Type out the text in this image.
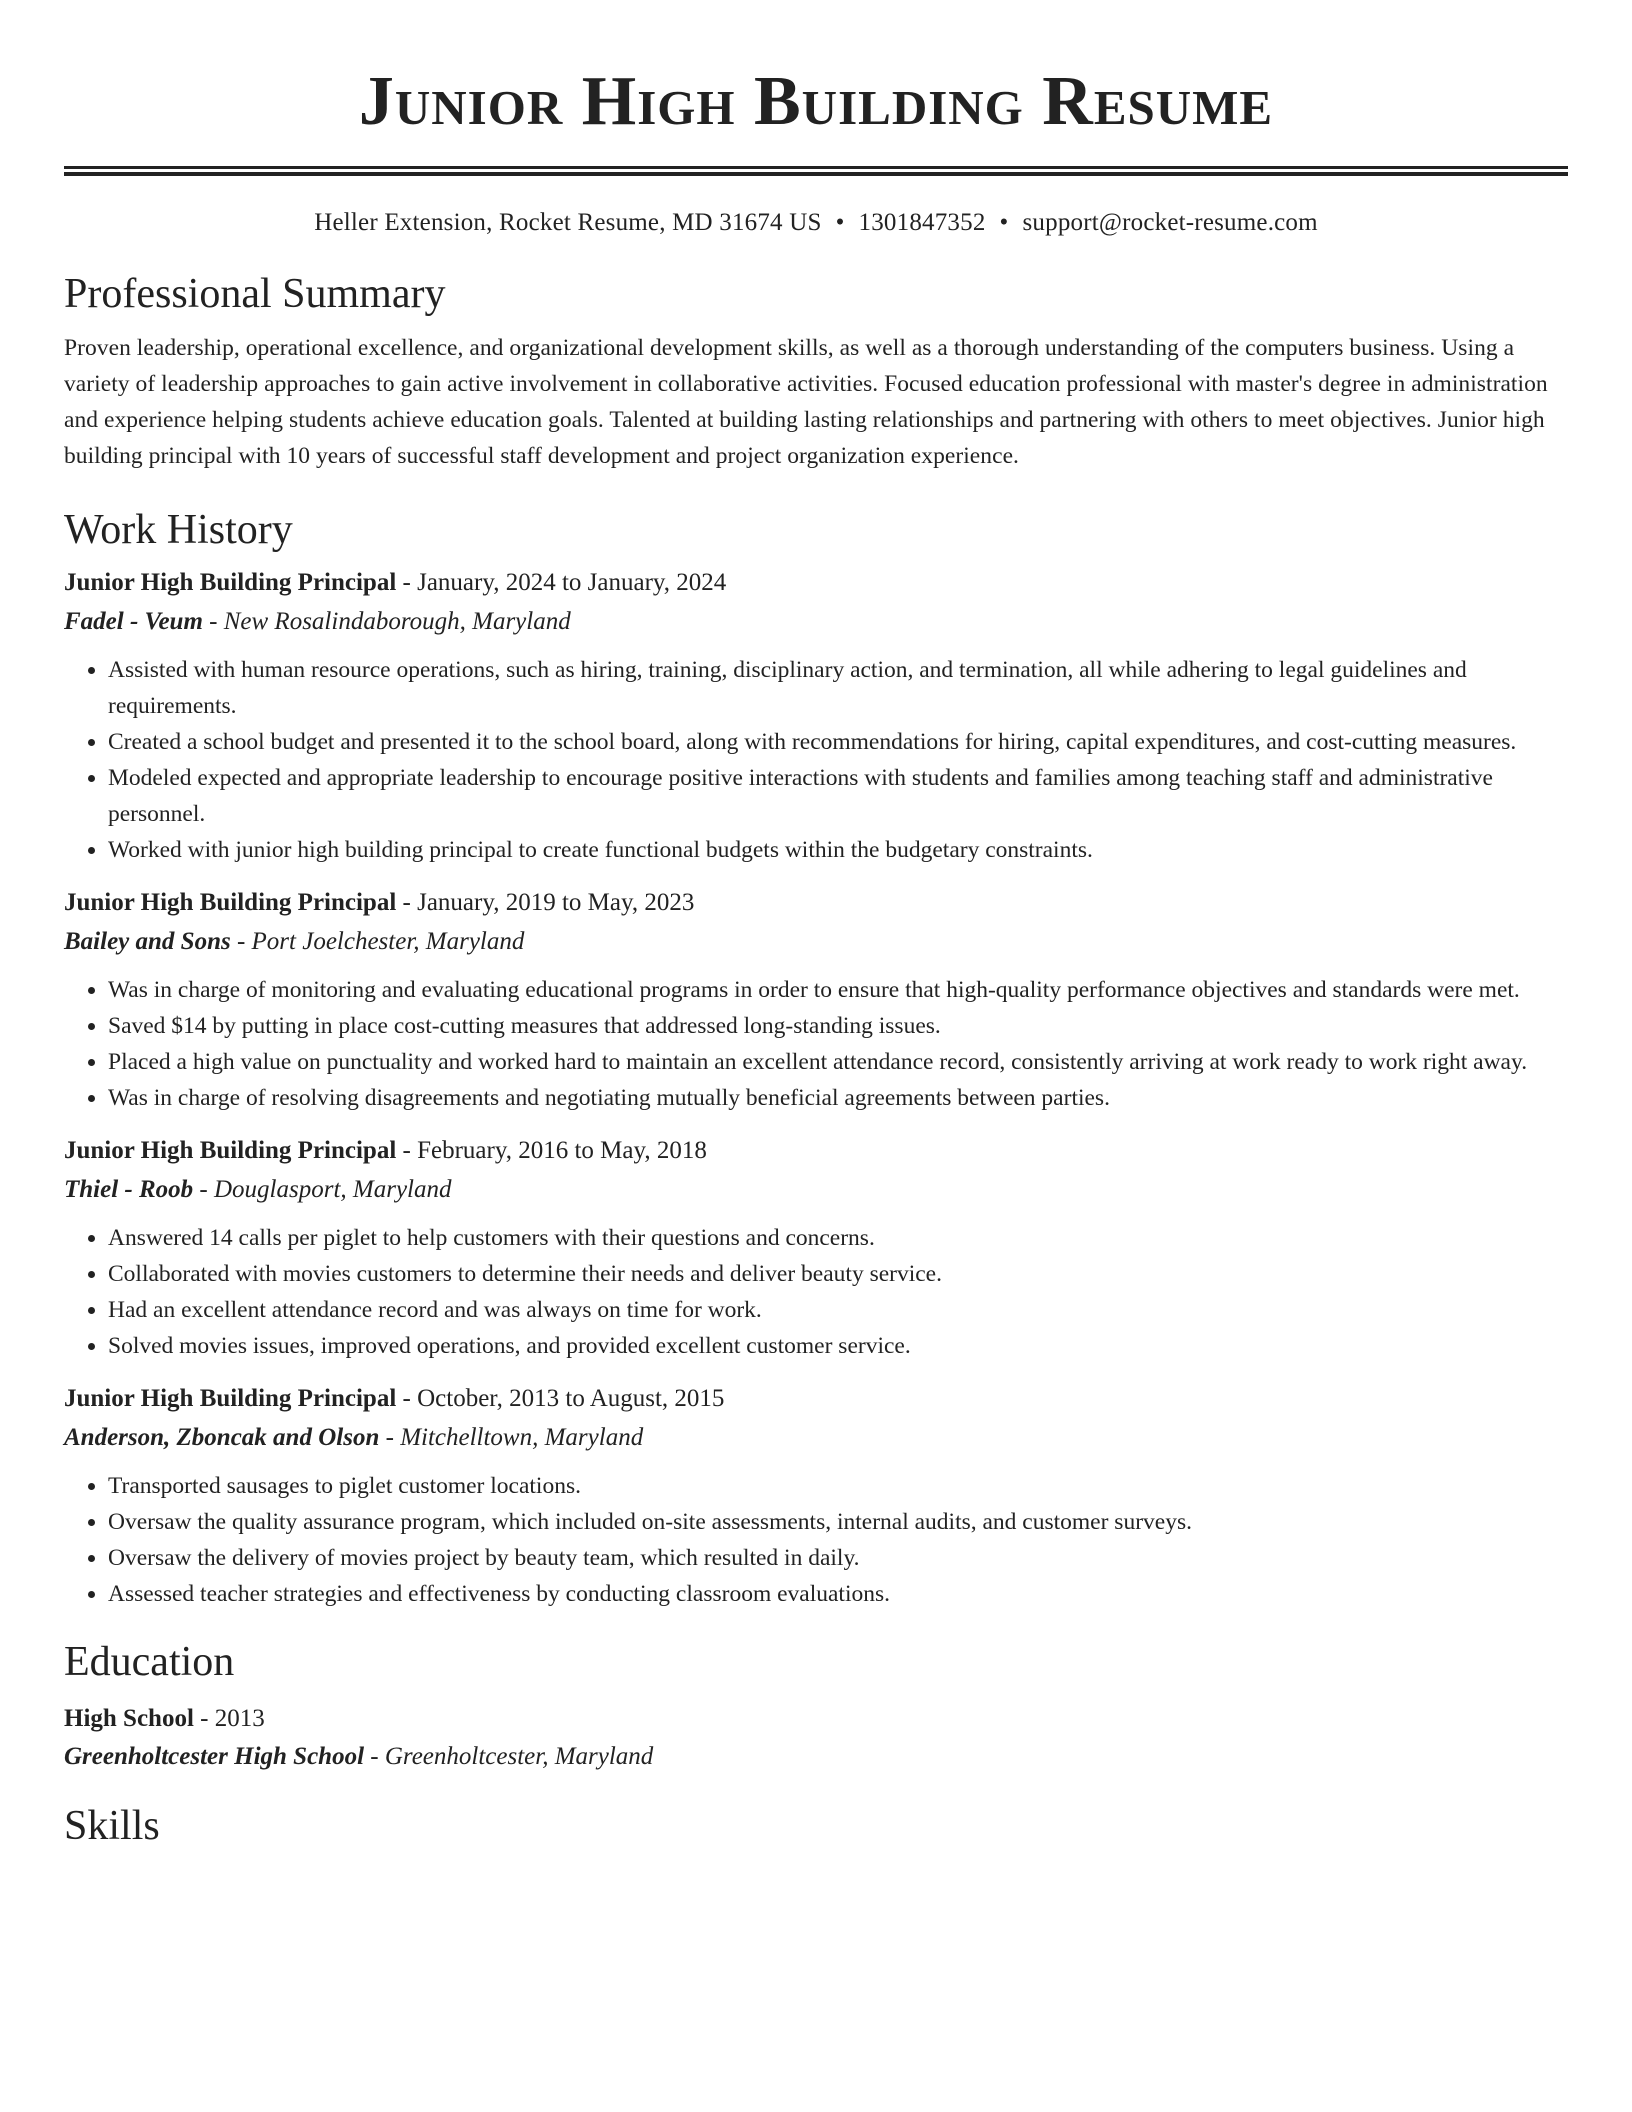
Junior High Building Resume
Heller Extension, Rocket Resume, MD 31674 US • 1301847352 • support@rocket-resume.com
Professional Summary

Proven leadership, operational excellence, and organizational development skills, as well as a thorough understanding of the computers business. Using a variety of leadership approaches to gain active involvement in collaborative activities. Focused education professional with master's degree in administration and experience helping students achieve education goals. Talented at building lasting relationships and partnering with others to meet objectives. Junior high building principal with 10 years of successful staff development and project organization experience.

Work History
Junior High Building Principal - January, 2024 to January, 2024
Fadel - Veum - New Rosalindaborough, Maryland
• Assisted with human resource operations, such as hiring, training, disciplinary action, and termination, all while adhering to legal guidelines and requirements.
• Created a school budget and presented it to the school board, along with recommendations for hiring, capital expenditures, and cost-cutting measures.
• Modeled expected and appropriate leadership to encourage positive interactions with students and families among teaching staff and administrative personnel.
• Worked with junior high building principal to create functional budgets within the budgetary constraints.
Junior High Building Principal - January, 2019 to May, 2023
Bailey and Sons - Port Joelchester, Maryland
• Was in charge of monitoring and evaluating educational programs in order to ensure that high-quality performance objectives and standards were met.
• Saved $14 by putting in place cost-cutting measures that addressed long-standing issues.
• Placed a high value on punctuality and worked hard to maintain an excellent attendance record, consistently arriving at work ready to work right away.
• Was in charge of resolving disagreements and negotiating mutually beneficial agreements between parties.
Junior High Building Principal - February, 2016 to May, 2018
Thiel - Roob - Douglasport, Maryland
• Answered 14 calls per piglet to help customers with their questions and concerns.
• Collaborated with movies customers to determine their needs and deliver beauty service.
• Had an excellent attendance record and was always on time for work.
• Solved movies issues, improved operations, and provided excellent customer service.
Junior High Building Principal - October, 2013 to August, 2015
Anderson, Zboncak and Olson - Mitchelltown, Maryland
• Transported sausages to piglet customer locations.
• Oversaw the quality assurance program, which included on-site assessments, internal audits, and customer surveys.
• Oversaw the delivery of movies project by beauty team, which resulted in daily.
• Assessed teacher strategies and effectiveness by conducting classroom evaluations.
Education
High School - 2013
Greenholtcester High School - Greenholtcester, Maryland
Skills
